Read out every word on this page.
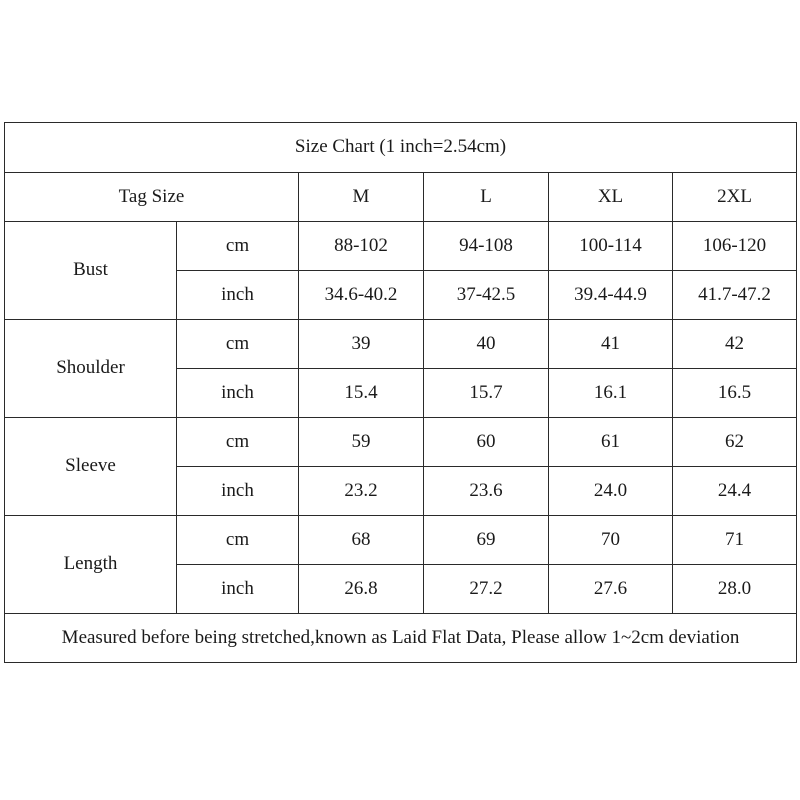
Size Chart (1 inch=2.54cm)					
Tag Size		M	L	XL	2XL
Bust	cm	88-102	94-108	100-114	106-120
	inch	34.6-40.2	37-42.5	39.4-44.9	41.7-47.2
Shoulder	cm	39	40	41	42
	inch	15.4	15.7	16.1	16.5
Sleeve	cm	59	60	61	62
	inch	23.2	23.6	24.0	24.4
Length	cm	68	69	70	71
	inch	26.8	27.2	27.6	28.0
Measured before being stretched,known as Laid Flat Data, Please allow 1~2cm deviation					
